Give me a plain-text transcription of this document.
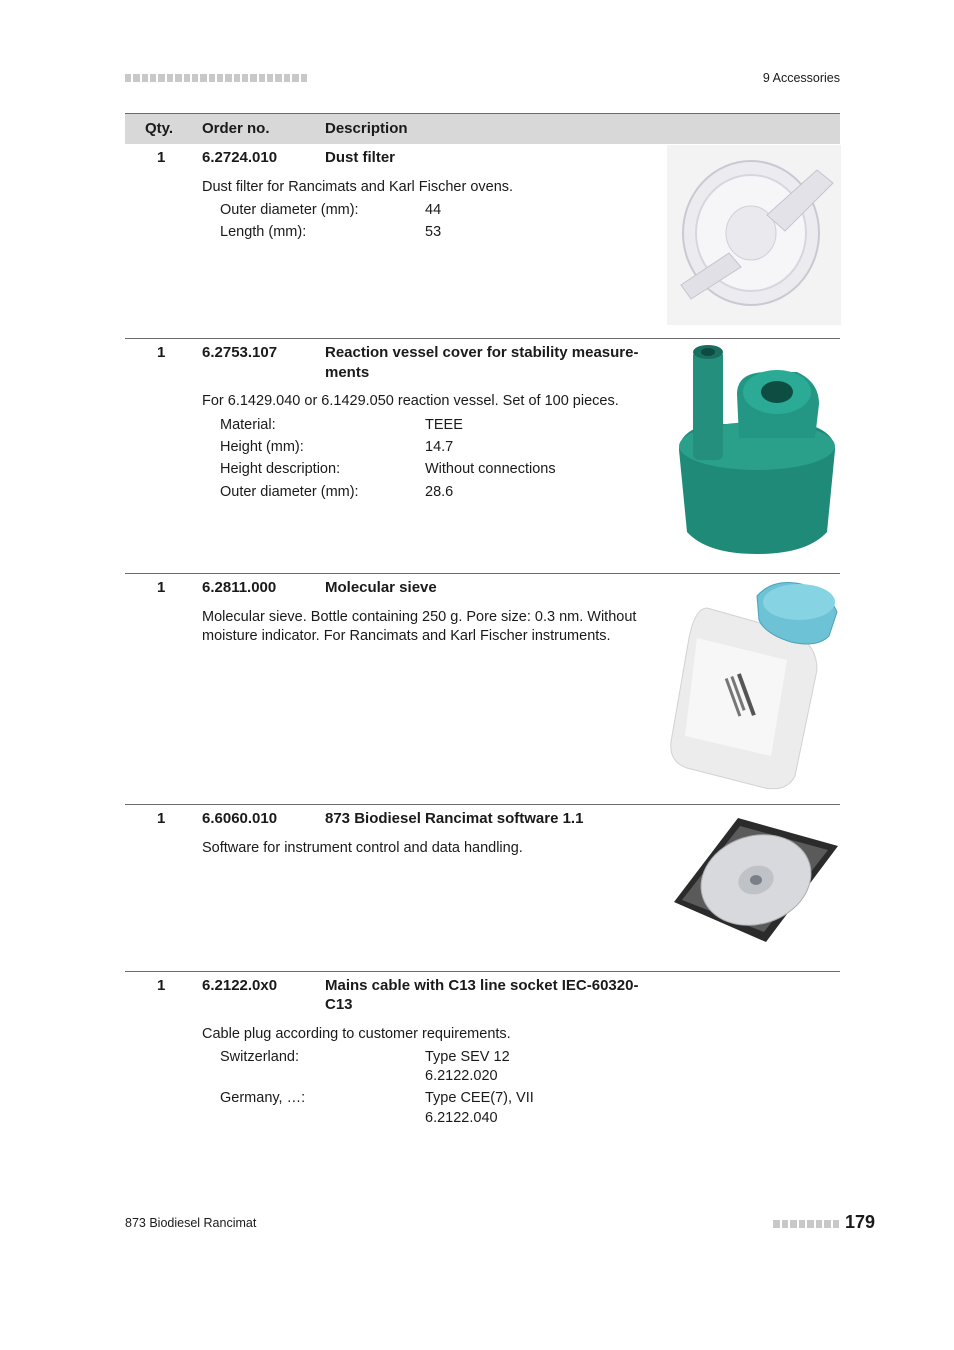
9 Accessories
Qty. Order no.	Description
1	6.2724.010	Dust filter
Dust filter for Rancimats and Karl Fischer ovens.
Outer diameter (mm):	44
Length (mm):	53
1	6.2753.107	Reaction vessel cover for stability measure-
ments
For 6.1429.040 or 6.1429.050 reaction vessel. Set of 100 pieces.
Material:	TEEE
Height (mm):	14.7
Height description:	Without connections
Outer diameter (mm):	28.6
1	6.2811.000	Molecular sieve
Molecular sieve. Bottle containing 250 g. Pore size: 0.3 nm. Without
moisture indicator. For Rancimats and Karl Fischer instruments.
1	6.6060.010	873 Biodiesel Rancimat software 1.1
Software for instrument control and data handling.
1	6.2122.0x0	Mains cable with C13 line socket IEC-60320-
C13
Cable plug according to customer requirements.
Switzerland:	Type SEV 12
6.2122.020
Germany, …:	Type CEE(7), VII
6.2122.040
873 Biodiesel Rancimat	179
